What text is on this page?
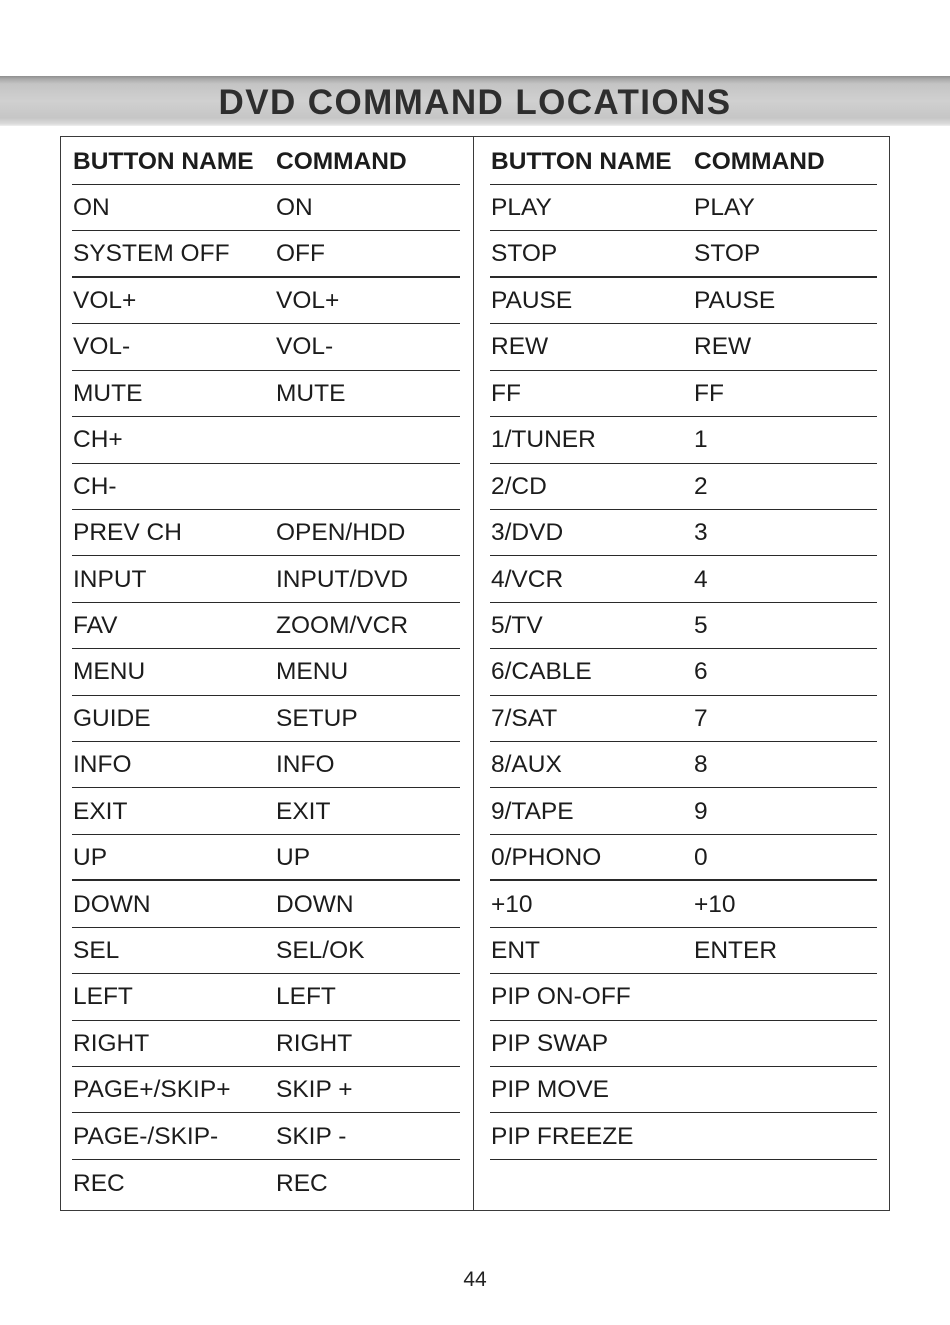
DVD COMMAND LOCATIONS
BUTTON NAME COMMAND
ON	ON
SYSTEM OFF	OFF
VOL+	VOL+
VOL-	VOL-
MUTE	MUTE
CH+
CH-
PREV CH	OPEN/HDD
INPUT	INPUT/DVD
FAV	ZOOM/VCR
MENU	MENU
GUIDE	SETUP
INFO	INFO
EXIT	EXIT
UP	UP
DOWN	DOWN
SEL	SEL/OK
LEFT	LEFT
RIGHT	RIGHT
PAGE+/SKIP+	SKIP +
PAGE-/SKIP-	SKIP -
REC	REC
BUTTON NAME COMMAND
PLAY	PLAY
STOP	STOP
PAUSE	PAUSE
REW	REW
FF	FF
1/TUNER	1
2/CD	2
3/DVD	3
4/VCR	4
5/TV	5
6/CABLE	6
7/SAT	7
8/AUX	8
9/TAPE	9
0/PHONO	0
+10	+10
ENT	ENTER
PIP ON-OFF
PIP SWAP
PIP MOVE
PIP FREEZE
44
